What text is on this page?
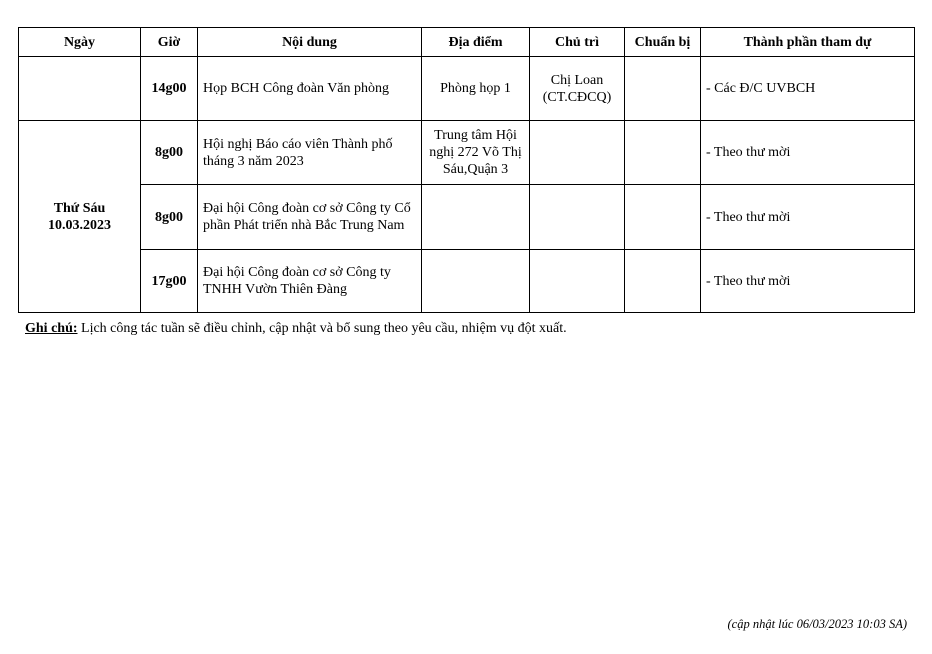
Ngày	Giờ	Nội dung	Địa điểm	Chủ trì	Chuẩn bị	Thành phần tham dự
	14g00	Họp BCH Công đoàn Văn phòng	Phòng họp 1	Chị Loan (CT.CĐCQ)		- Các Đ/C UVBCH
Thứ Sáu 10.03.2023	8g00	Hội nghị Báo cáo viên Thành phố tháng 3 năm 2023	Trung tâm Hội nghị 272 Võ Thị Sáu,Quận 3			- Theo thư mời
	8g00	Đại hội Công đoàn cơ sở Công ty Cổ phần Phát triển nhà Bắc Trung Nam				- Theo thư mời
	17g00	Đại hội Công đoàn cơ sở Công ty TNHH Vườn Thiên Đàng				- Theo thư mời
Ghi chú: Lịch công tác tuần sẽ điều chỉnh, cập nhật và bổ sung theo yêu cầu, nhiệm vụ đột xuất.
(cập nhật lúc 06/03/2023 10:03 SA)
